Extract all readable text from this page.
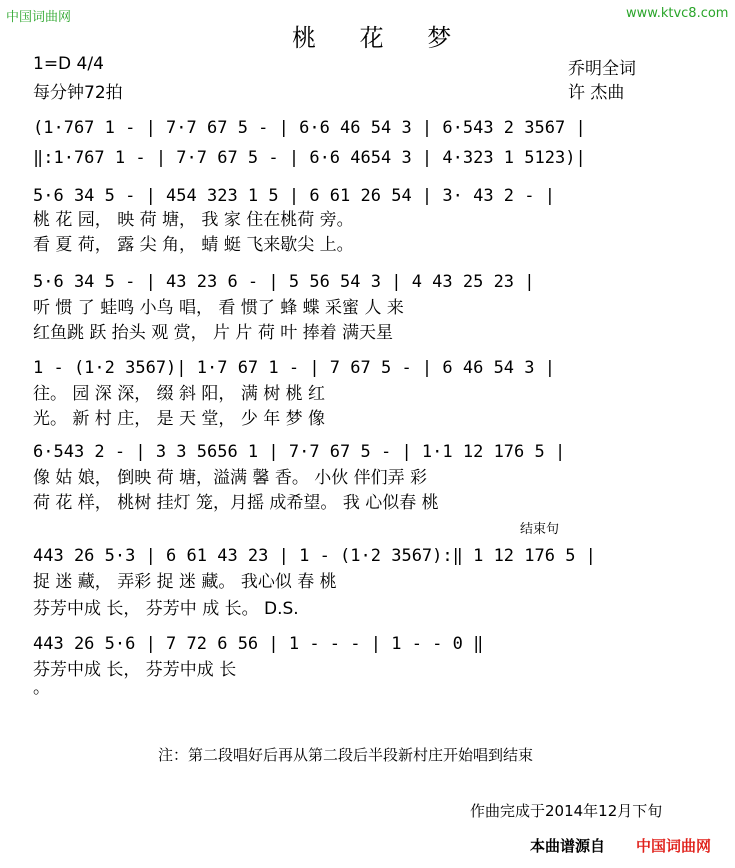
中国词曲网	www.ktvc8.com
桃 花 梦
1=D 4/4
每分钟72拍
乔明全词
许 杰曲
(1·767 1 - | 7·7 67 5 - | 6·6 46 54 3 | 6·543 2 3567 |
‖:1·767 1 - | 7·7 67 5 - | 6·6 4654 3 | 4·323 1 5123)|
5·6 34 5 - | 454 323 1 5 | 6 61 26 54 | 3· 43 2 - |
桃 花 园， 映 荷 塘， 我 家 住在桃荷 旁。
看 夏 荷， 露 尖 角， 蜻 蜓 飞来歇尖 上。
5·6 34 5 - | 43 23 6 - | 5 56 54 3 | 4 43 25 23 |
听 惯 了 蛙鸣 小鸟 唱， 看 惯了 蜂 蝶 采蜜 人 来
红鱼跳 跃 抬头 观 赏， 片 片 荷 叶 捧着 满天星
1 - (1·2 3567)| 1·7 67 1 - | 7 67 5 - | 6 46 54 3 |
往。 园 深 深， 缀 斜 阳， 满 树 桃 红
光。 新 村 庄， 是 天 堂， 少 年 梦 像
6·543 2 - | 3 3 5656 1 | 7·7 67 5 - | 1·1 12 176 5 |
像 姑 娘， 倒映 荷 塘，溢满 馨 香。 小伙 伴们弄 彩
荷 花 样， 桃树 挂灯 笼，月摇 成希望。 我 心似春 桃
结束句
443 26 5·3 | 6 61 43 23 | 1 - (1·2 3567):‖ 1 12 176 5 |
捉 迷 藏， 弄彩 捉 迷 藏。 我心似 春 桃
芬芳中成 长， 芬芳中 成 长。 D.S.
443 26 5·6 | 7 72 6 56 | 1 - - - | 1 - - 0 ‖
芬芳中成 长， 芬芳中成 长
。
注：第二段唱好后再从第二段后半段新村庄开始唱到结束
作曲完成于2014年12月下旬
本曲谱源自 中国词曲网
